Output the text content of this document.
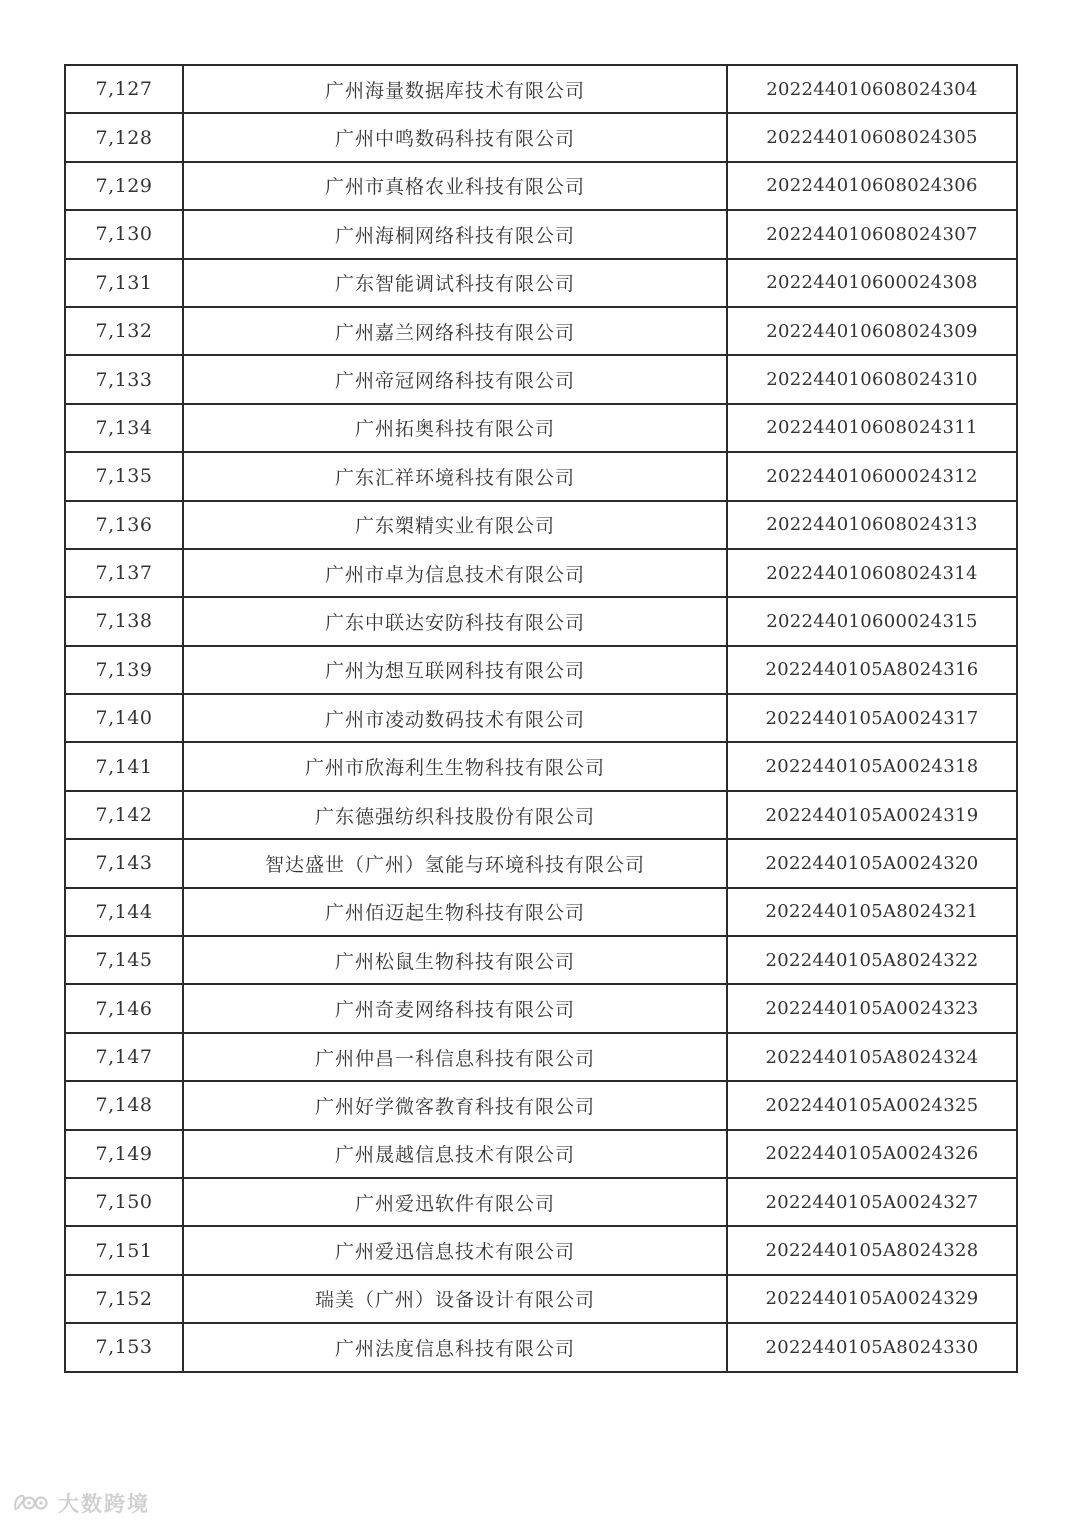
7,127	广州海量数据库技术有限公司	202244010608024304
7,128	广州中鸣数码科技有限公司	202244010608024305
7,129	广州市真格农业科技有限公司	202244010608024306
7,130	广州海桐网络科技有限公司	202244010608024307
7,131	广东智能调试科技有限公司	202244010600024308
7,132	广州嘉兰网络科技有限公司	202244010608024309
7,133	广州帝冠网络科技有限公司	202244010608024310
7,134	广州拓奥科技有限公司	202244010608024311
7,135	广东汇祥环境科技有限公司	202244010600024312
7,136	广东槊精实业有限公司	202244010608024313
7,137	广州市卓为信息技术有限公司	202244010608024314
7,138	广东中联达安防科技有限公司	202244010600024315
7,139	广州为想互联网科技有限公司	2022440105A8024316
7,140	广州市凌动数码技术有限公司	2022440105A0024317
7,141	广州市欣海利生生物科技有限公司	2022440105A0024318
7,142	广东德强纺织科技股份有限公司	2022440105A0024319
7,143	智达盛世（广州）氢能与环境科技有限公司	2022440105A0024320
7,144	广州佰迈起生物科技有限公司	2022440105A8024321
7,145	广州松鼠生物科技有限公司	2022440105A8024322
7,146	广州奇麦网络科技有限公司	2022440105A0024323
7,147	广州仲昌一科信息科技有限公司	2022440105A8024324
7,148	广州好学微客教育科技有限公司	2022440105A0024325
7,149	广州晟越信息技术有限公司	2022440105A0024326
7,150	广州爱迅软件有限公司	2022440105A0024327
7,151	广州爱迅信息技术有限公司	2022440105A8024328
7,152	瑞美（广州）设备设计有限公司	2022440105A0024329
7,153	广州法度信息科技有限公司	2022440105A8024330
大数跨境
